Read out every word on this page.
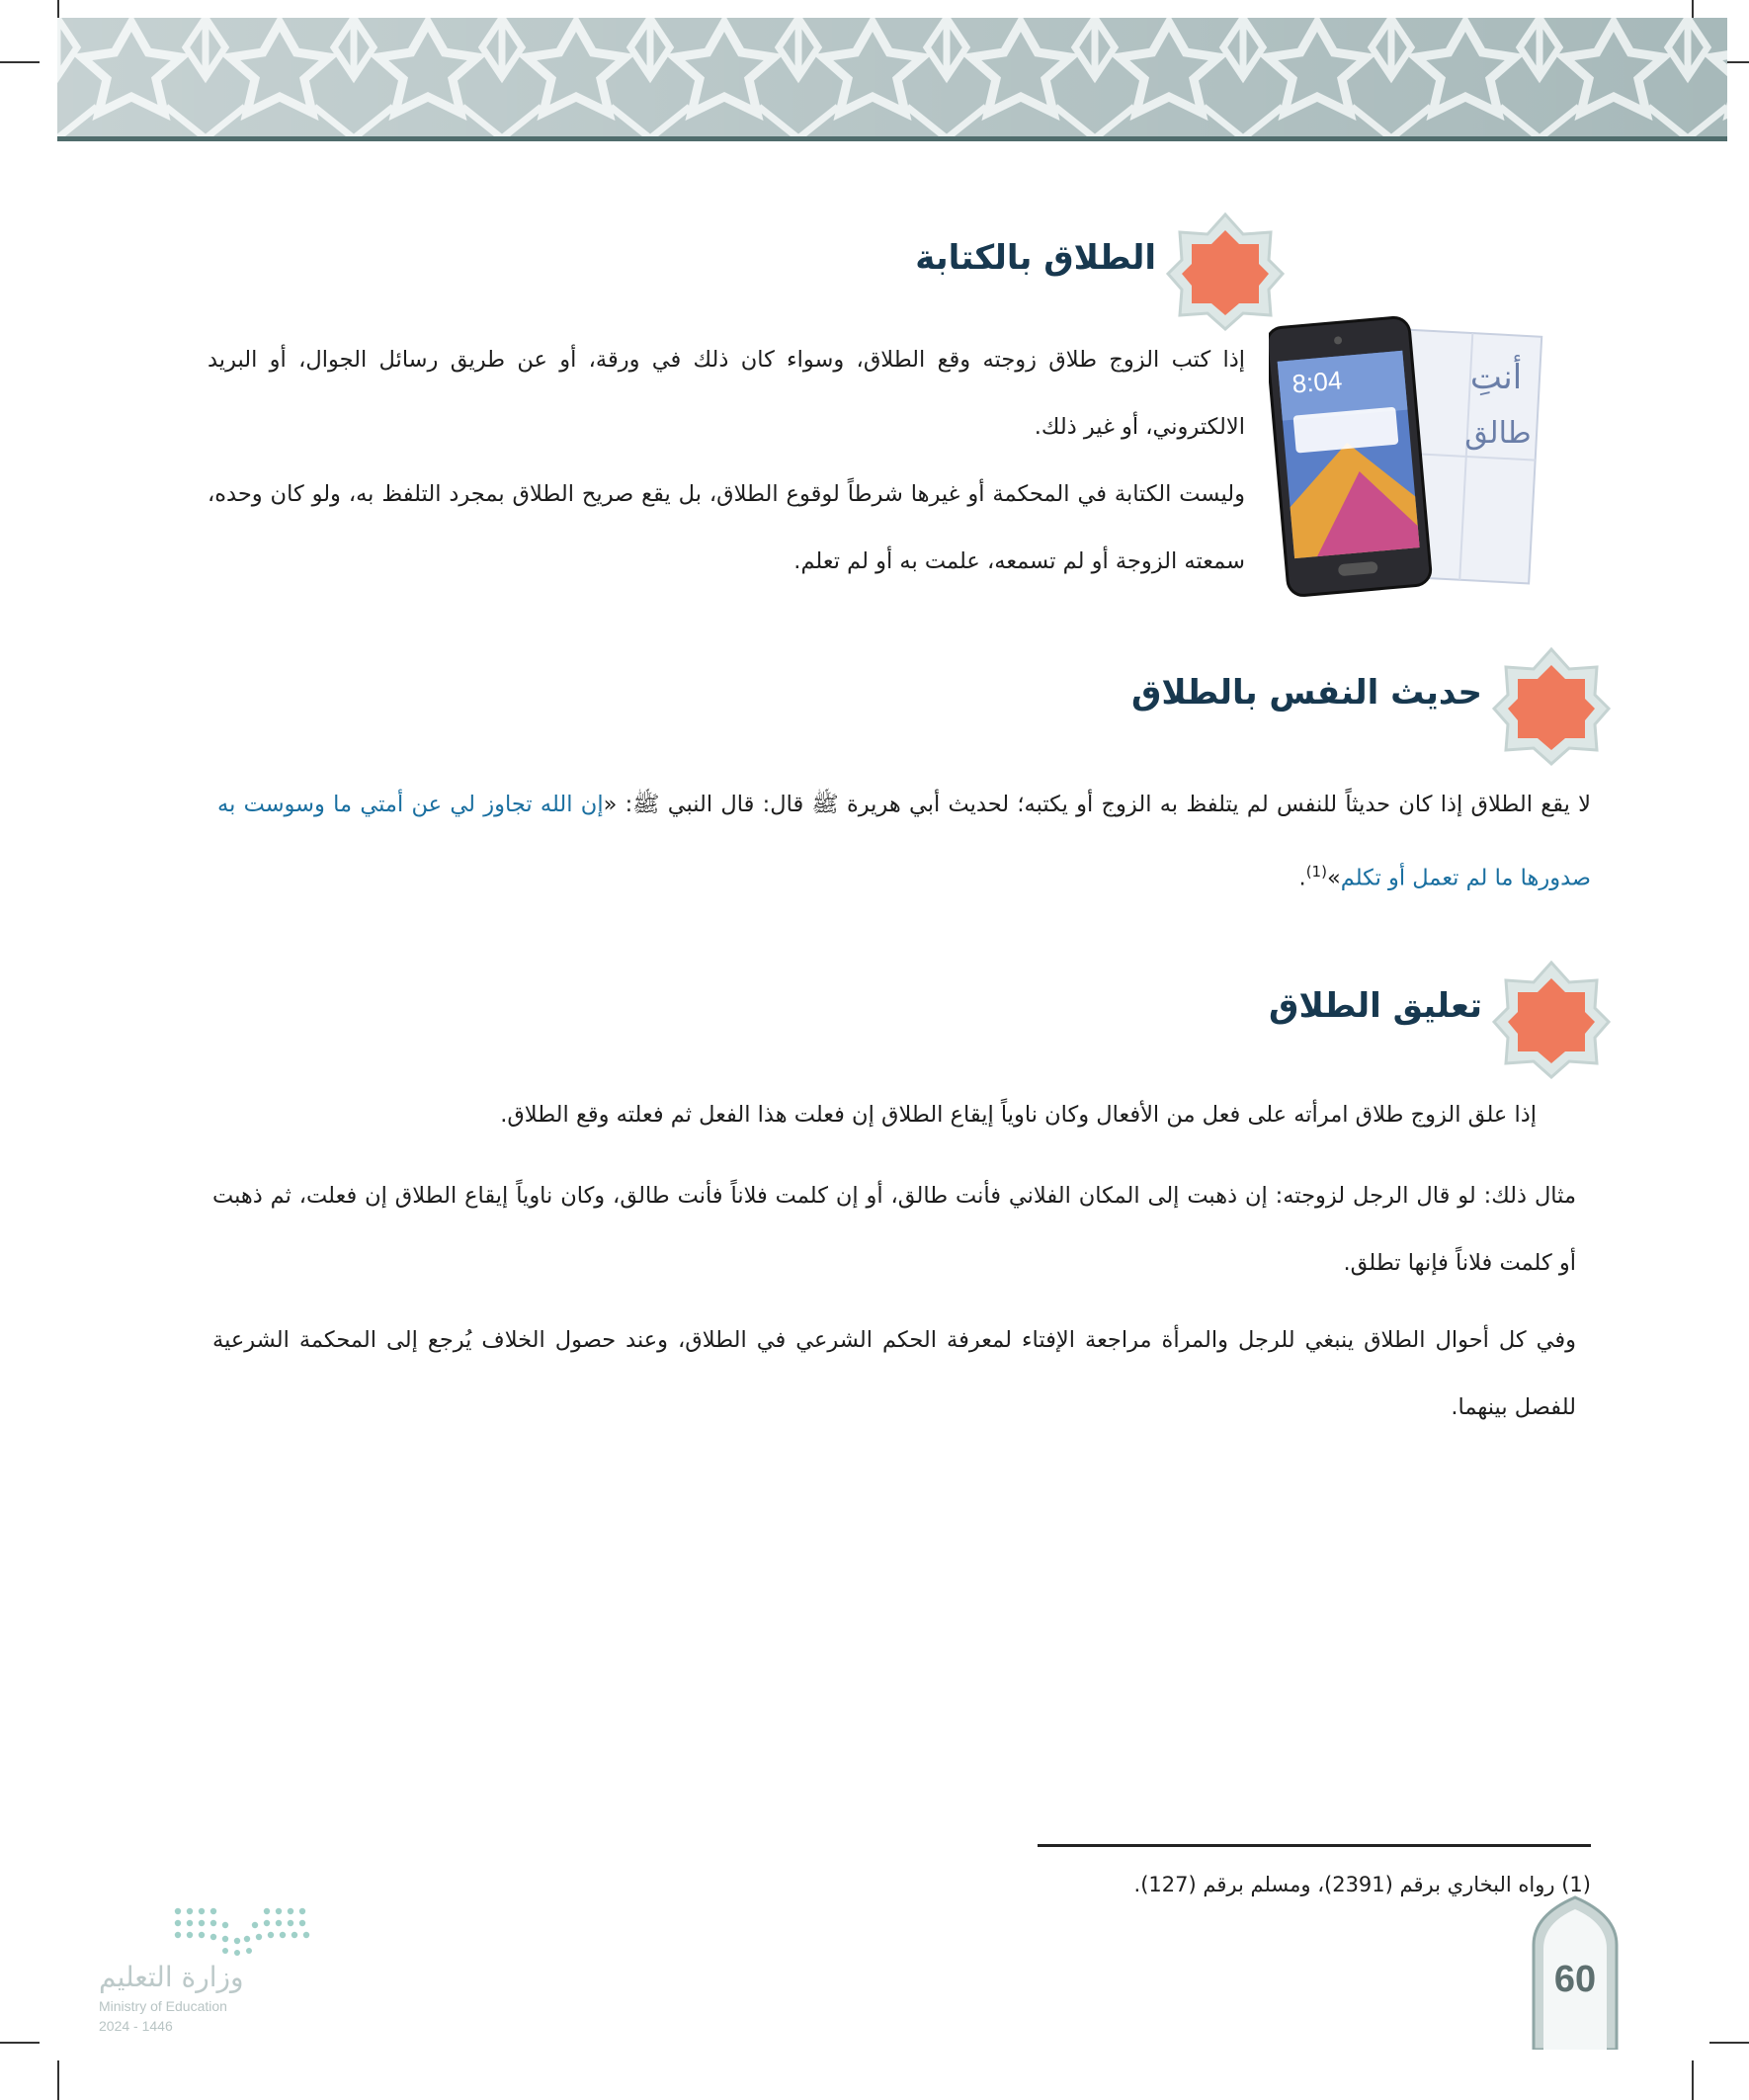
الطلاق بالكتابة
إذا كتب الزوج طلاق زوجته وقع الطلاق، وسواء كان ذلك في ورقة، أو عن طريق رسائل الجوال، أو البريد الالكتروني، أو غير ذلك.
وليست الكتابة في المحكمة أو غيرها شرطاً لوقوع الطلاق، بل يقع صريح الطلاق بمجرد التلفظ به، ولو كان وحده، سمعته الزوجة أو لم تسمعه، علمت به أو لم تعلم.
أنتِ
طالق
8:04
حديث النفس بالطلاق
لا يقع الطلاق إذا كان حديثاً للنفس لم يتلفظ به الزوج أو يكتبه؛ لحديث أبي هريرة ﷺ قال: قال النبي ﷺ: «إن الله تجاوز لي عن أمتي ما وسوست به صدورها ما لم تعمل أو تكلم»$^{(1)}$.
تعليق الطلاق
إذا علق الزوج طلاق امرأته على فعل من الأفعال وكان ناوياً إيقاع الطلاق إن فعلت هذا الفعل ثم فعلته وقع الطلاق.
مثال ذلك: لو قال الرجل لزوجته: إن ذهبت إلى المكان الفلاني فأنت طالق، أو إن كلمت فلاناً فأنت طالق، وكان ناوياً إيقاع الطلاق إن فعلت، ثم ذهبت أو كلمت فلاناً فإنها تطلق.
وفي كل أحوال الطلاق ينبغي للرجل والمرأة مراجعة الإفتاء لمعرفة الحكم الشرعي في الطلاق، وعند حصول الخلاف يُرجع إلى المحكمة الشرعية للفصل بينهما.
(1) رواه البخاري برقم (2391)، ومسلم برقم (127).
وزارة التعليم
Ministry of Education
2024 - 1446
60
